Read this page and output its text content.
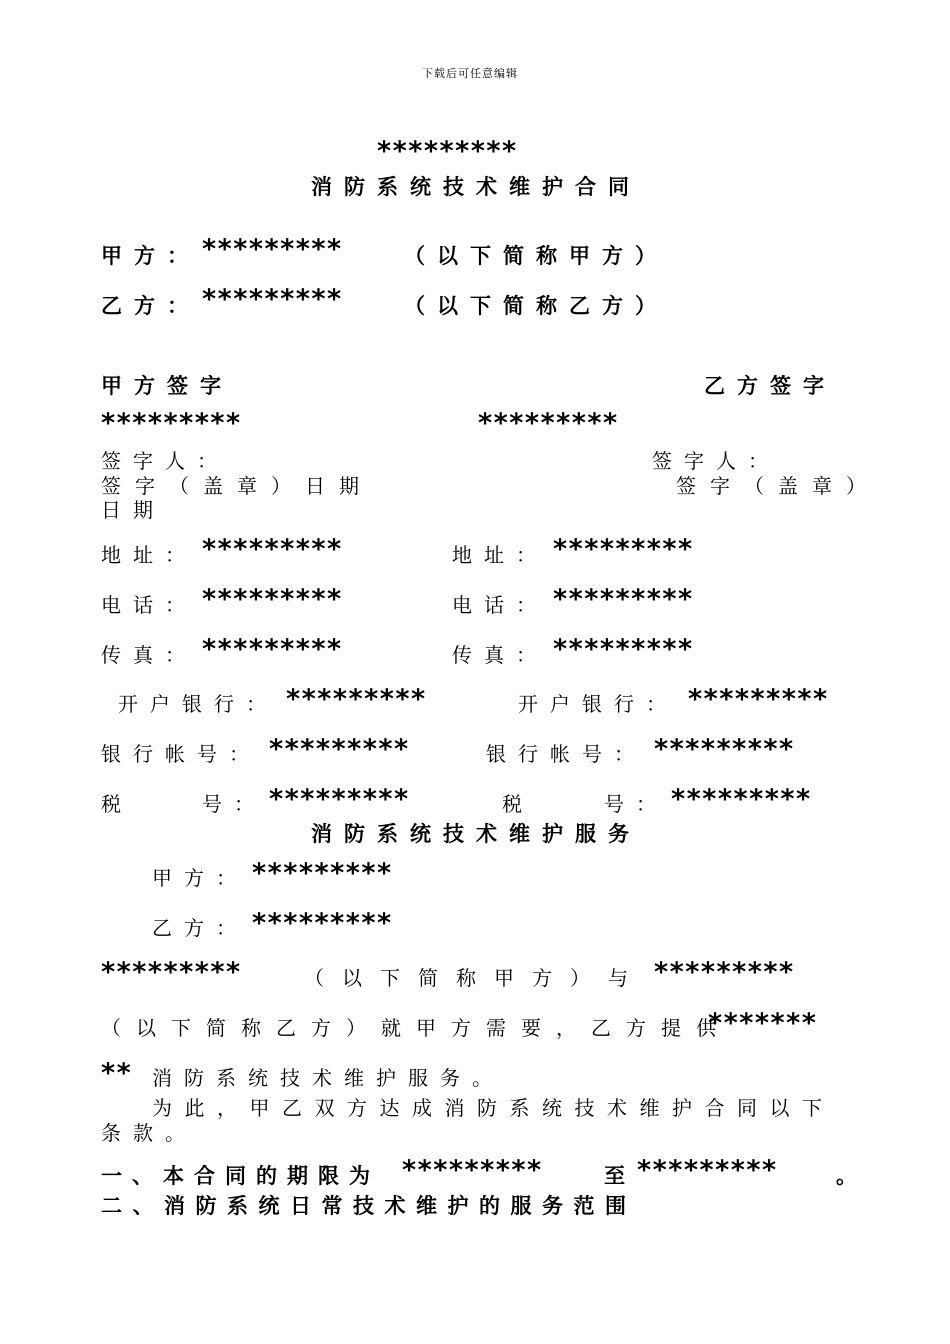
下载后可任意编辑
*********
消防系统技术维护合同
甲方： *********	（以下简称甲方）
乙方： *********	（以下简称乙方）
甲方签字	乙方签字
*********	*********
签字人：	签字人：
签字（盖章）日期	签字（盖章）
日期
地址： *********	地址： *********
电话： *********	电话： *********
传真： *********	传真： *********
开户银行： *********	开户银行： *********
银行帐号： *********	银行帐号： *********
税	号： *********	税	号： *********
消防系统技术维护服务
甲方： *********
乙方： *********
*********	（以下简称甲方）与 *********
（以下简称乙方）就甲方需要，乙方提供
*******
** 消防系统技术维护服务。
为此，甲乙双方达成消防系统技术维护合同以下
条款。
一、本合同的期限为 *********	至 *********	。
二、消防系统日常技术维护的服务范围
